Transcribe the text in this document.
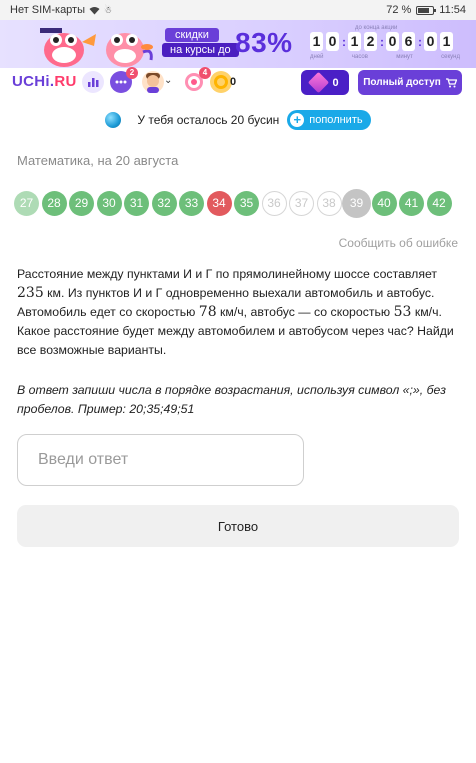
Нет SIM-карты ☃	72 %	11:54
скидки
на курсы до 83%	до конца акции
1 0 : 1 2 : 0 6 : 0 1
дней	часов	минут	секунд
UCHi.RU
2
⌄
4
0	0 Полный доступ
У тебя осталось 20 бусин + пополнить
Математика, на 20 августа
27	28	29	30	31	32	33	34	35	36	37	38	39	40	41	42
Сообщить об ошибке
Расстояние между пунктами И и Г по прямолинейному шоссе составляет 235 км. Из пунктов И и Г одновременно выехали автомобиль и автобус. Автомобиль едет со скоростью 78 км/ч, автобус — со скоростью 53 км/ч. Какое расстояние будет между автомобилем и автобусом через час? Найди все возможные варианты.
В ответ запиши числа в порядке возрастания, используя символ «;», без пробелов. Пример: 20;35;49;51
Введи ответ
Готово
